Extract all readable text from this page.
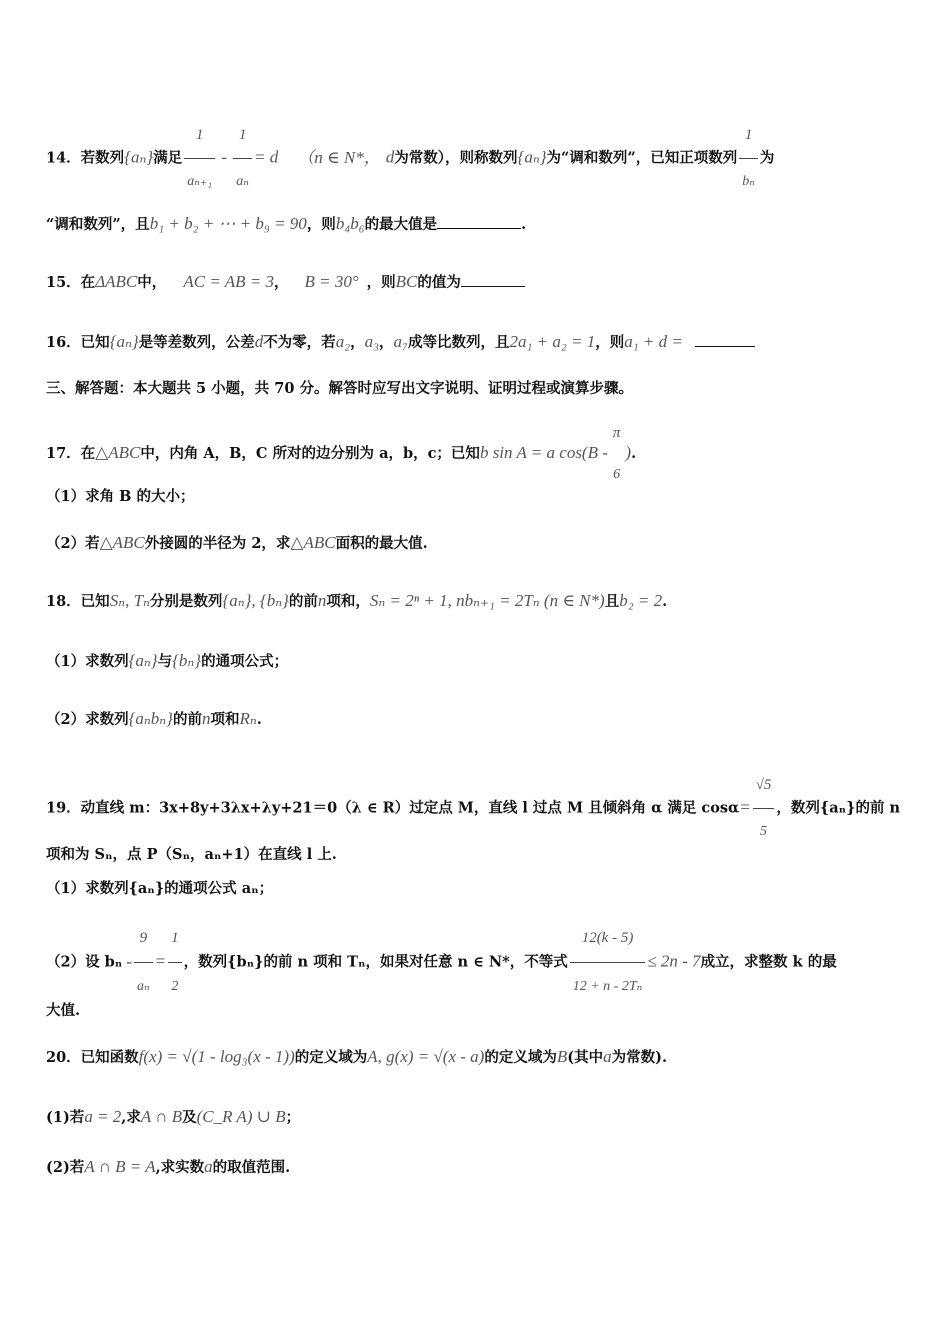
14．若数列{aₙ}满足 $\frac{1}{\text{aₙ₊₁}} - \frac{1}{\text{aₙ}} = d$ （n ∈ N*， d为常数），则称数列{aₙ}为“调和数列”，已知正项数列 $\frac{1}{\text{bₙ}}$ 为
“调和数列”，且b₁ + b₂ + ⋯ + b₉ = 90，则b₄b₆的最大值是	.
15．在ΔABC中， AC = AB = 3， B = 30° ，则BC的值为
16．已知{aₙ}是等差数列，公差d不为零，若a₂，a₃，a₇成等比数列，且2a₁ + a₂ = 1，则a₁ + d =
三、解答题：本大题共 5 小题，共 70 分。解答时应写出文字说明、证明过程或演算步骤。
17．在△ABC中，内角 A，B，C 所对的边分别为 a，b，c；已知b sin A = a cos(B -
π
6
).
（1）求角 B 的大小；
（2）若△ABC外接圆的半径为 2，求△ABC面积的最大值.
18．已知Sₙ, Tₙ分别是数列{aₙ}, {bₙ}的前n项和，Sₙ = 2ⁿ + 1, nbₙ₊₁ = 2Tₙ (n ∈ N*)且b₂ = 2.
（1）求数列{aₙ}与{bₙ}的通项公式；
（2）求数列{aₙbₙ}的前n项和Rₙ.
19．动直线 m：3x+8y+3λx+λy+21＝0（λ ∈ R）过定点 M，直线 l 过点 M 且倾斜角 α 满足 $\cos\alpha= \frac{√5}{5}$ ，数列{aₙ}的前 n
项和为 Sₙ，点 P（Sₙ，aₙ+1）在直线 l 上.
（1）求数列{aₙ}的通项公式 aₙ；
（2）设 $b_n - \frac{9}{\text{aₙ}} = \frac{1}{2}$ ，数列{bₙ}的前 n 项和 Tₙ，如果对任意 n ∈ N*，不等式 $\frac{12(k - 5)}{\text{12 + n - 2Tₙ}} \le 2n - 7$成立，求整数 k 的最
大值.
20．已知函数f(x) = √(1 - log₃(x - 1))的定义域为A, g(x) = √(x - a)的定义域为B(其中a为常数).
(1)若a = 2,求A ∩ B及(C_R A) ∪ B；
(2)若A ∩ B = A,求实数a的取值范围.
